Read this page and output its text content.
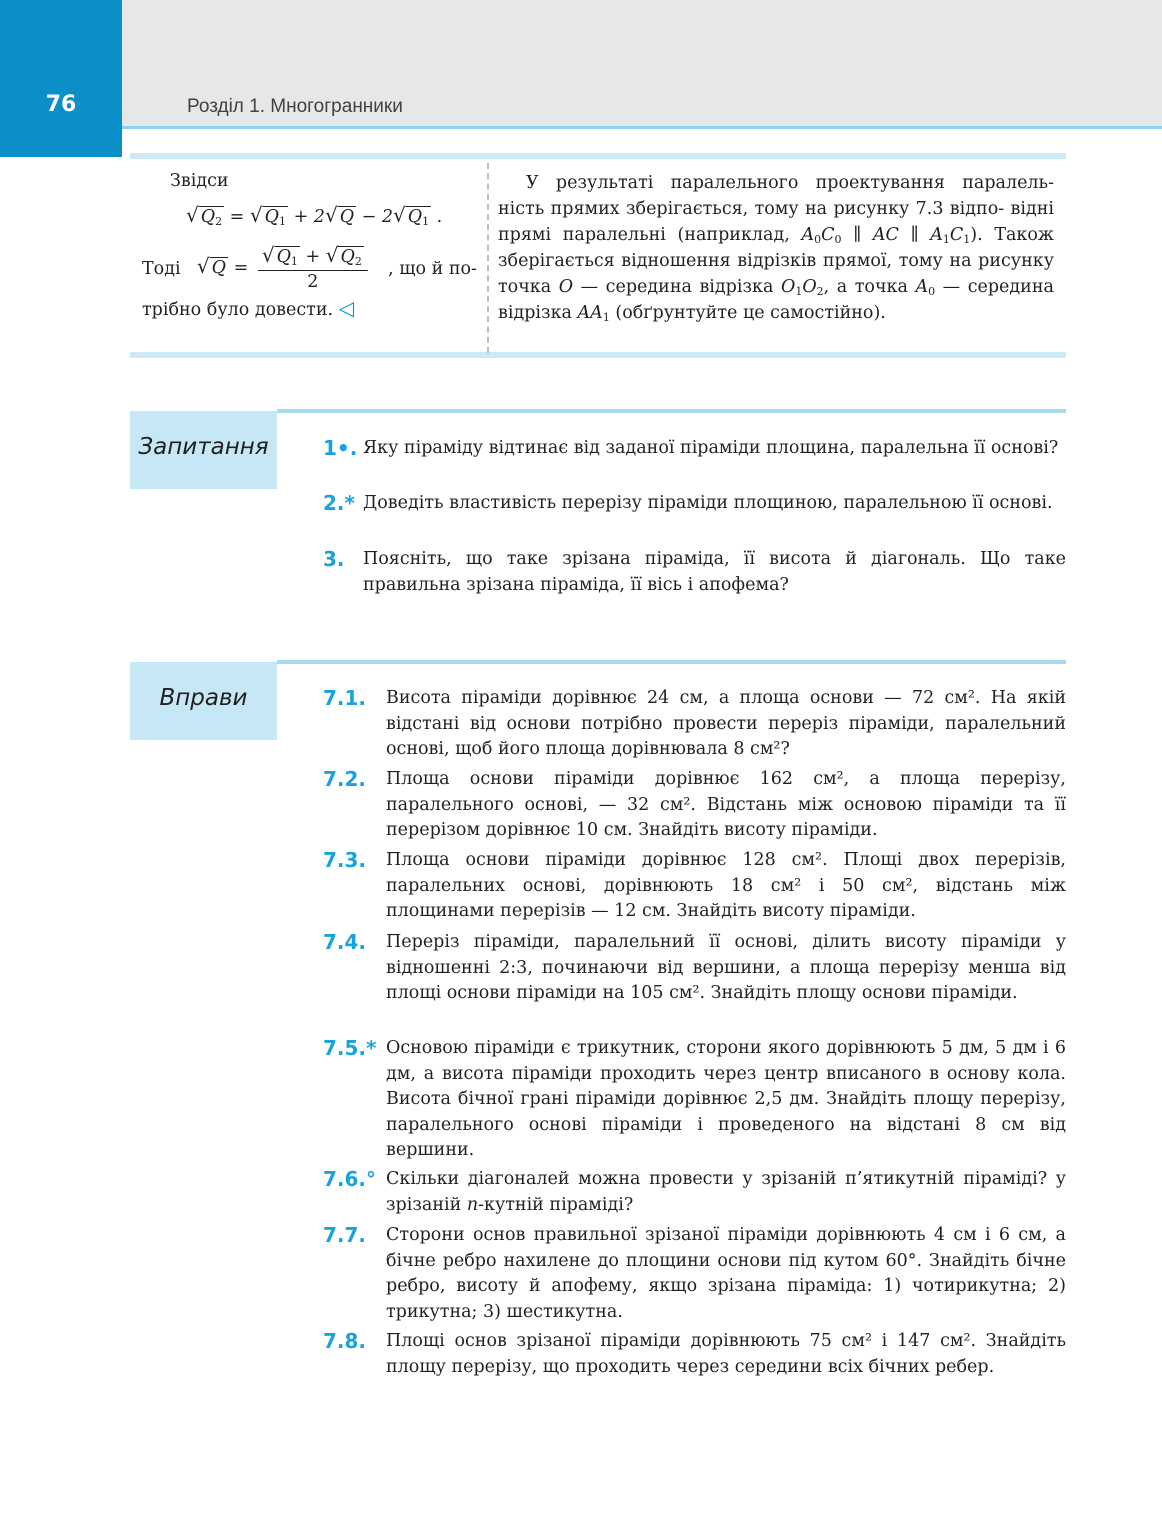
76	Розділ 1. Многогранники
Звідси
√ $Q_2$ = √ $Q_1 + 2√$ Q − 2√ $Q_1$ .
Тоді √ $Q = \frac{√ Q_1 + √ Q_2}{2}$ , що й по-
трібно було довести. ◁

У результаті паралельного проектування паралель- ність прямих зберігається, тому на рисунку 7.3 відпо- відні прямі паралельні (наприклад, $A_0C_0$ ∥ AC ∥ $A_1C_1$). Також зберігається відношення відрізків прямої, тому на рисунку точка O — середина відрізка $O_1O_2$, а точка $A_0$ — середина відрізка $AA_1$ (обґрунтуйте це самостійно).

Запитання	1•. Яку піраміду відтинає від заданої піраміди площина, паралельна її основі?
2.* Доведіть властивість перерізу піраміди площиною, паралельною її основі.
3. Поясніть, що таке зрізана піраміда, її висота й діагональ. Що таке правильна зрізана піраміда, її вісь і апофема?
Вправи	7.1. Висота піраміди дорівнює 24 см, а площа основи — 72 см². На якій відстані від основи потрібно провести переріз піраміди, паралельний основі, щоб його площа дорівнювала 8 см²?
7.2. Площа основи піраміди дорівнює 162 см², а площа перерізу, паралельного основі, — 32 см². Відстань між основою піраміди та її перерізом дорівнює 10 см. Знайдіть висоту піраміди.
7.3. Площа основи піраміди дорівнює 128 см². Площі двох перерізів, паралельних основі, дорівнюють 18 см² і 50 см², відстань між площинами перерізів — 12 см. Знайдіть висоту піраміди.
7.4. Переріз піраміди, паралельний її основі, ділить висоту піраміди у відношенні 2:3, починаючи від вершини, а площа перерізу менша від площі основи піраміди на 105 см². Знайдіть площу основи піраміди.
7.5.* Основою піраміди є трикутник, сторони якого дорівнюють 5 дм, 5 дм і 6 дм, а висота піраміди проходить через центр вписаного в основу кола. Висота бічної грані піраміди дорівнює 2,5 дм. Знайдіть площу перерізу, паралельного основі піраміди і проведеного на відстані 8 см від вершини.
7.6.° Скільки діагоналей можна провести у зрізаній п’ятикутній піраміді? у зрізаній n-кутній піраміді?
7.7. Сторони основ правильної зрізаної піраміди дорівнюють 4 см і 6 см, а бічне ребро нахилене до площини основи під кутом 60°. Знайдіть бічне ребро, висоту й апофему, якщо зрізана піраміда: 1) чотирикутна; 2) трикутна; 3) шестикутна.
7.8. Площі основ зрізаної піраміди дорівнюють 75 см² і 147 см². Знайдіть площу перерізу, що проходить через середини всіх бічних ребер.
